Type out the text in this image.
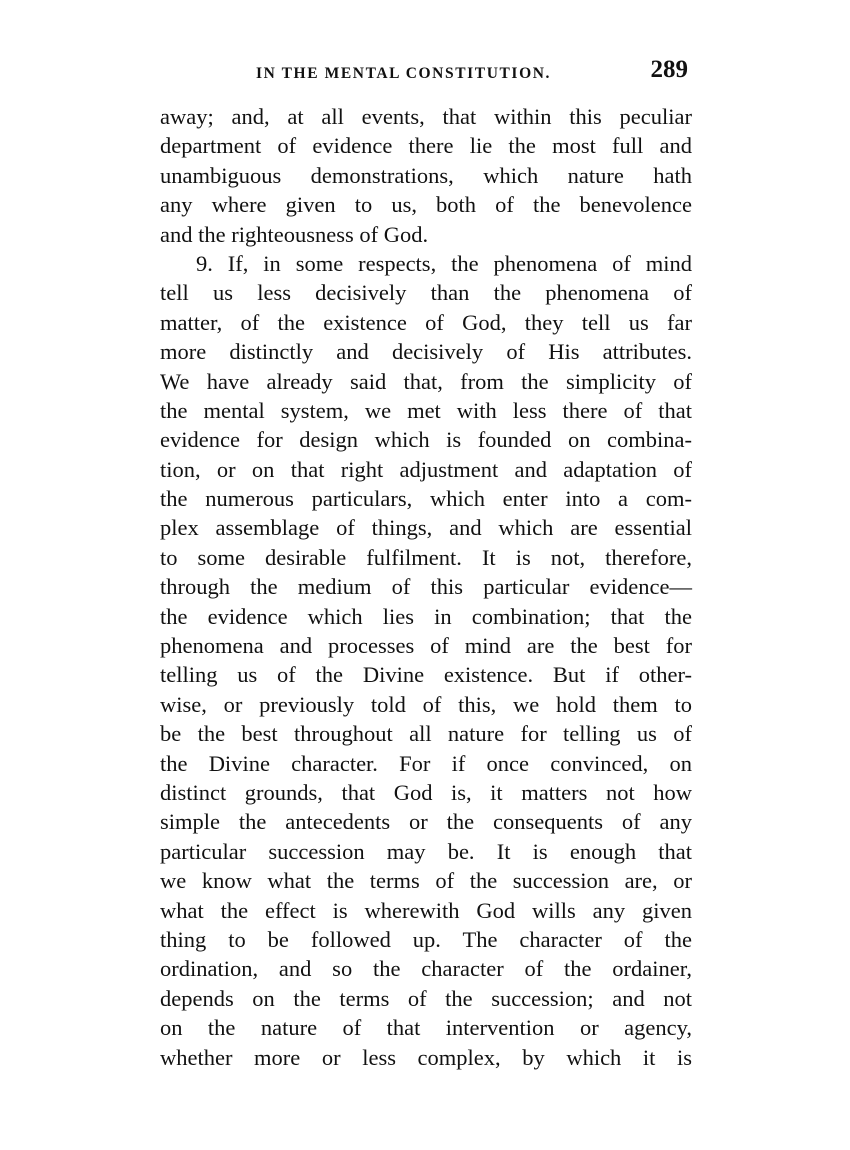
IN THE MENTAL CONSTITUTION.	289
away; and, at all events, that within this peculiar
department of evidence there lie the most full and
unambiguous demonstrations, which nature hath
any where given to us, both of the benevolence
and the righteousness of God.
9. If, in some respects, the phenomena of mind
tell us less decisively than the phenomena of
matter, of the existence of God, they tell us far
more distinctly and decisively of His attributes.
We have already said that, from the simplicity of
the mental system, we met with less there of that
evidence for design which is founded on combina-
tion, or on that right adjustment and adaptation of
the numerous particulars, which enter into a com-
plex assemblage of things, and which are essential
to some desirable fulfilment. It is not, therefore,
through the medium of this particular evidence—
the evidence which lies in combination; that the
phenomena and processes of mind are the best for
telling us of the Divine existence. But if other-
wise, or previously told of this, we hold them to
be the best throughout all nature for telling us of
the Divine character. For if once convinced, on
distinct grounds, that God is, it matters not how
simple the antecedents or the consequents of any
particular succession may be. It is enough that
we know what the terms of the succession are, or
what the effect is wherewith God wills any given
thing to be followed up. The character of the
ordination, and so the character of the ordainer,
depends on the terms of the succession; and not
on the nature of that intervention or agency,
whether more or less complex, by which it is
